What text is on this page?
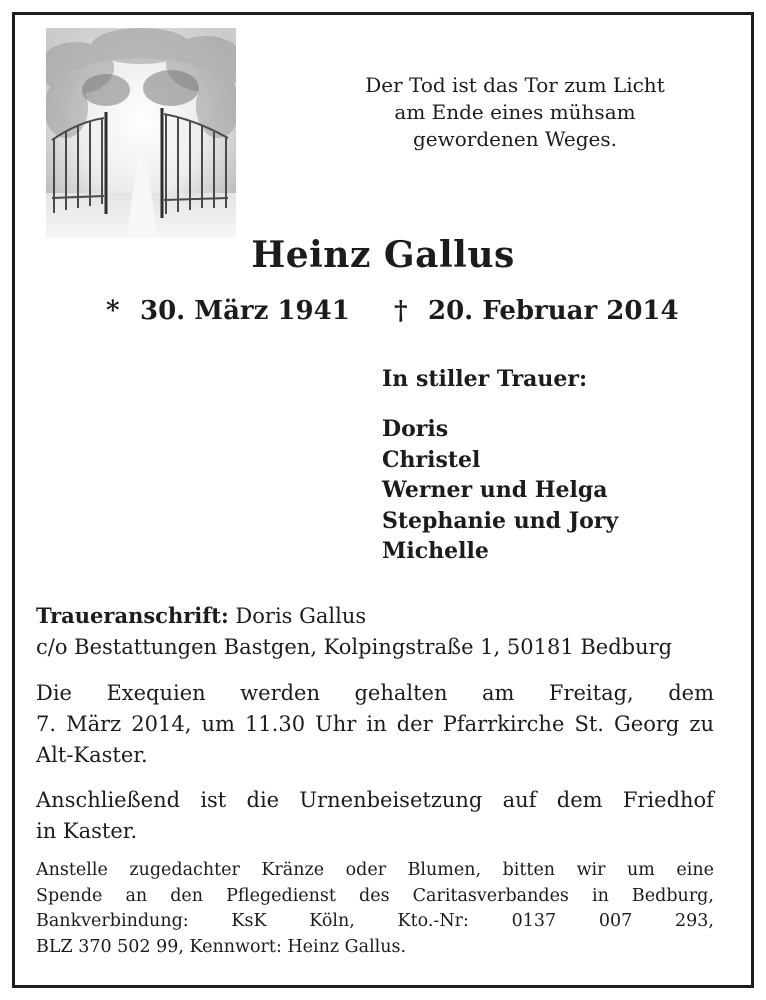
Der Tod ist das Tor zum Licht
am Ende eines mühsam
gewordenen Weges.
Heinz Gallus
* 30. März 1941 † 20. Februar 2014
In stiller Trauer:
Doris
Christel
Werner und Helga
Stephanie und Jory
Michelle
Traueranschrift: Doris Gallus
c/o Bestattungen Bastgen, Kolpingstraße 1, 50181 Bedburg
Die Exequien werden gehalten am Freitag, dem
7. März 2014, um 11.30 Uhr in der Pfarrkirche St. Georg zu
Alt-Kaster.
Anschließend ist die Urnenbeisetzung auf dem Friedhof
in Kaster.
Anstelle zugedachter Kränze oder Blumen, bitten wir um eine
Spende an den Pflegedienst des Caritasverbandes in Bedburg,
Bankverbindung: KsK Köln, Kto.-Nr: 0137 007 293,
BLZ 370 502 99, Kennwort: Heinz Gallus.
